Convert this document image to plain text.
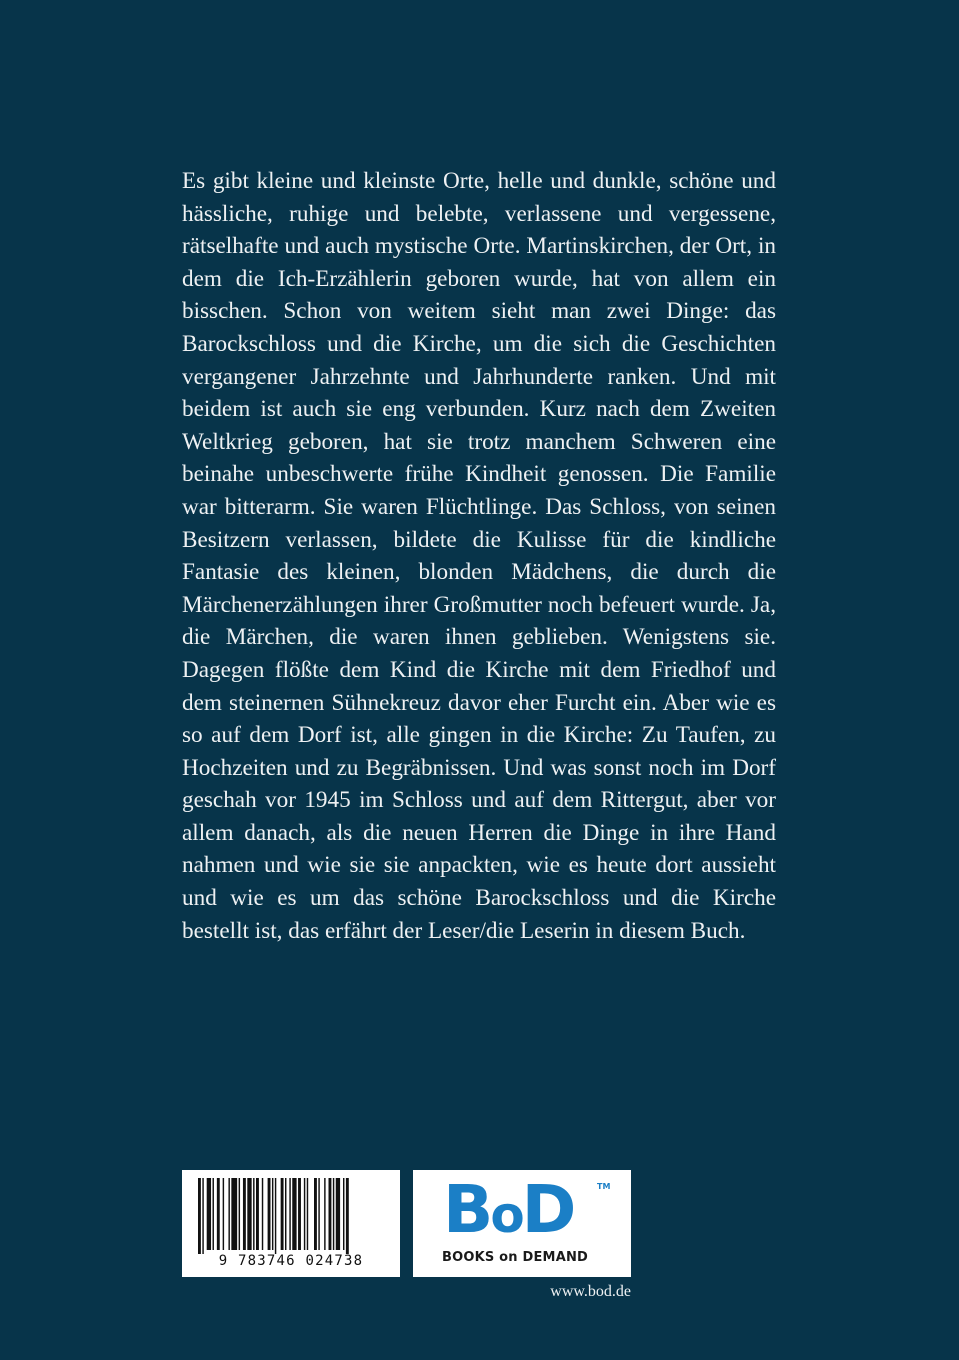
Es gibt kleine und kleinste Orte, helle und dunkle, schöne und hässliche, ruhige und belebte, verlassene und vergessene, rätselhafte und auch mystische Orte. Martinskirchen, der Ort, in dem die Ich-Erzählerin geboren wurde, hat von allem ein bisschen. Schon von weitem sieht man zwei Dinge: das Barockschloss und die Kirche, um die sich die Geschichten vergangener Jahrzehnte und Jahrhunderte ranken. Und mit beidem ist auch sie eng verbunden. Kurz nach dem Zweiten Weltkrieg geboren, hat sie trotz manchem Schweren eine beinahe unbeschwerte frühe Kindheit genossen. Die Familie war bitterarm. Sie waren Flüchtlinge. Das Schloss, von seinen Besitzern verlassen, bildete die Kulisse für die kindliche Fantasie des kleinen, blonden Mädchens, die durch die Märchenerzählungen ihrer Großmutter noch befeuert wurde. Ja, die Märchen, die waren ihnen geblieben. Wenigstens sie. Dagegen flößte dem Kind die Kirche mit dem Friedhof und dem steinernen Sühnekreuz davor eher Furcht ein. Aber wie es so auf dem Dorf ist, alle gingen in die Kirche: Zu Taufen, zu Hochzeiten und zu Begräbnissen. Und was sonst noch im Dorf geschah vor 1945 im Schloss und auf dem Rittergut, aber vor allem danach, als die neuen Herren die Dinge in ihre Hand nahmen und wie sie sie anpackten, wie es heute dort aussieht und wie es um das schöne Barockschloss und die Kirche bestellt ist, das erfährt der Leser/die Leserin in diesem Buch.

9 783746 024738
BoD	TM
BOOKS on DEMAND
www.bod.de
